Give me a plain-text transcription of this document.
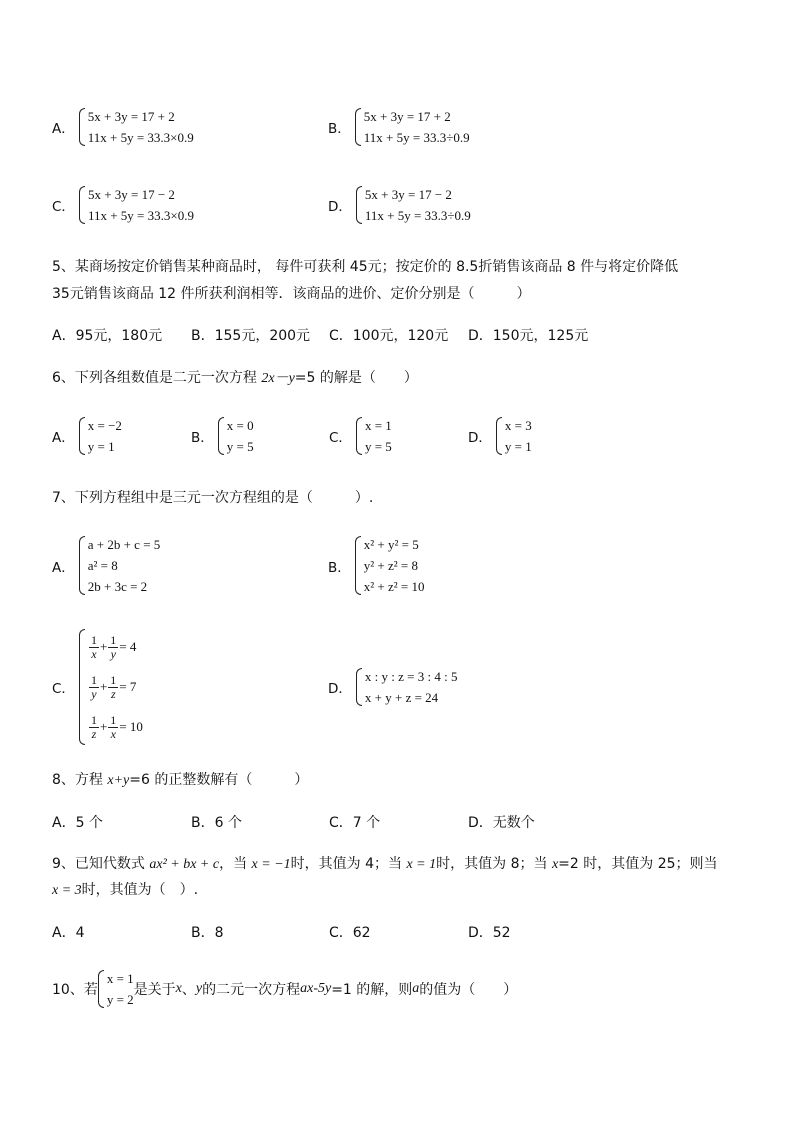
A．
5x + 3y = 17 + 2
11x + 5y = 33.3×0.9
B．
5x + 3y = 17 + 2
11x + 5y = 33.3÷0.9
C．
5x + 3y = 17 − 2
11x + 5y = 33.3×0.9
D．
5x + 3y = 17 − 2
11x + 5y = 33.3÷0.9
5、某商场按定价销售某种商品时， 每件可获利 45元；按定价的 8.5折销售该商品 8 件与将定价降低
35元销售该商品 12 件所获利润相等．该商品的进价、定价分别是（　　　）
A．95元，180元 B．155元，200元 C．100元，120元 D．150元，125元
6、下列各组数值是二元一次方程 2x－y=5 的解是（　　）
A．
x = −2
y = 1
B．
x = 0
y = 5
C．
x = 1
y = 5
D．
x = 3
y = 1
7、下列方程组中是三元一次方程组的是（　　　）.
A．
a + 2b + c = 5
a² = 8
2b + 3c = 2
B．
x² + y² = 5
y² + z² = 8
x² + z² = 10
C．
$\frac{1}{x} + \frac{1}{y} = 4$
$\frac{1}{y} + \frac{1}{z} = 7$
$\frac{1}{z} + \frac{1}{x} = 10$
D．
x : y : z = 3 : 4 : 5
x + y + z = 24
8、方程 x+y=6 的正整数解有（　　　）
A．5 个	B．6 个	C．7 个	D．无数个
9、已知代数式 ax² + bx + c，当 x = −1时，其值为 4；当 x = 1时，其值为 8；当 x=2 时，其值为 25；则当
x = 3时，其值为（　）.
A．4	B．8	C．62	D．52
10、若
x = 1
y = 2
是关于 x 、 y 的二元一次方程 ax-5y =1 的解，则 a 的值为（　　）
